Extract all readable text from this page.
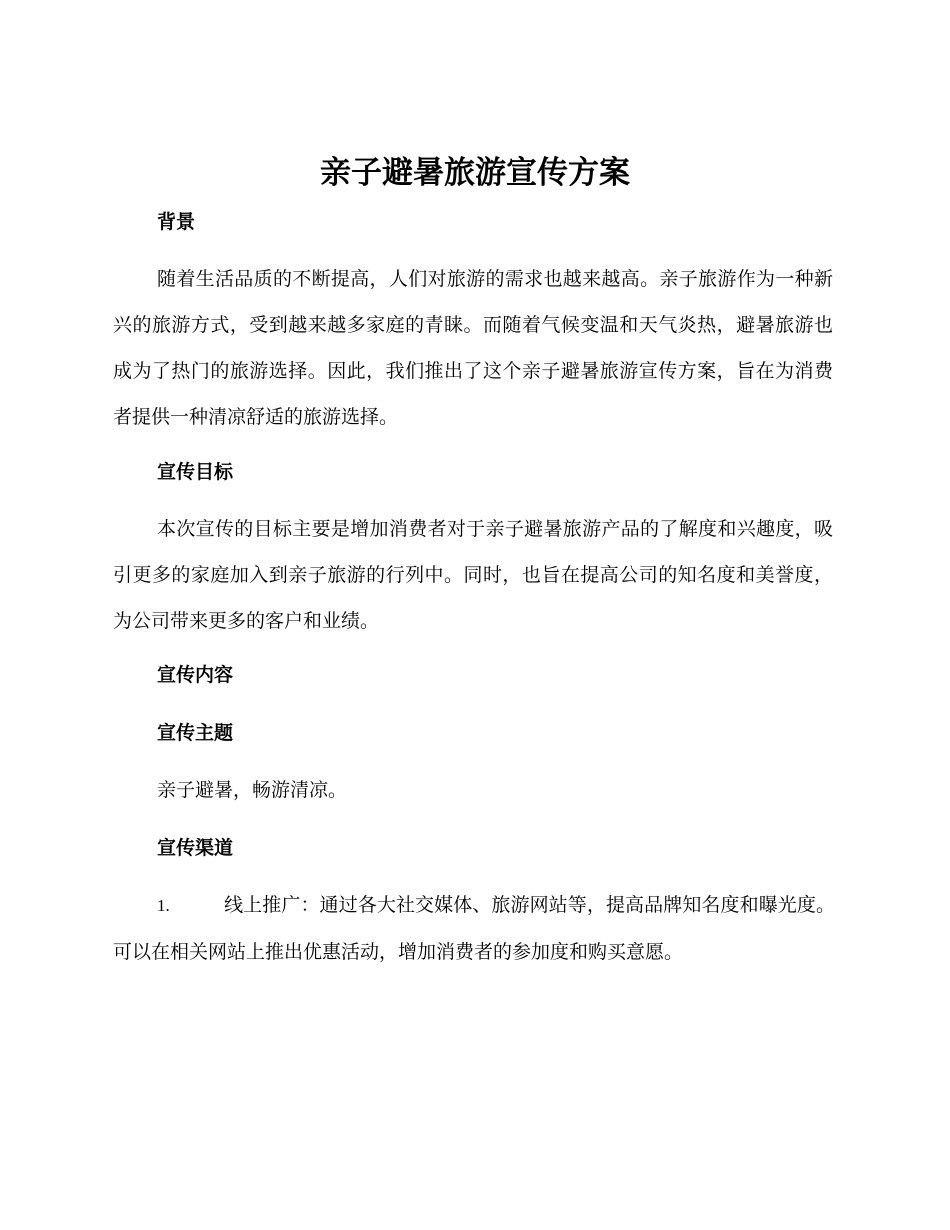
亲子避暑旅游宣传方案
背景

随着生活品质的不断提高，人们对旅游的需求也越来越高。亲子旅游作为一种新兴的旅游方式，受到越来越多家庭的青睐。而随着气候变温和天气炎热，避暑旅游也成为了热门的旅游选择。因此，我们推出了这个亲子避暑旅游宣传方案，旨在为消费者提供一种清凉舒适的旅游选择。

宣传目标

本次宣传的目标主要是增加消费者对于亲子避暑旅游产品的了解度和兴趣度，吸引更多的家庭加入到亲子旅游的行列中。同时，也旨在提高公司的知名度和美誉度，为公司带来更多的客户和业绩。

宣传内容
宣传主题

亲子避暑，畅游清凉。

宣传渠道

1.	线上推广：通过各大社交媒体、旅游网站等，提高品牌知名度和曝光度。可以在相关网站上推出优惠活动，增加消费者的参加度和购买意愿。
